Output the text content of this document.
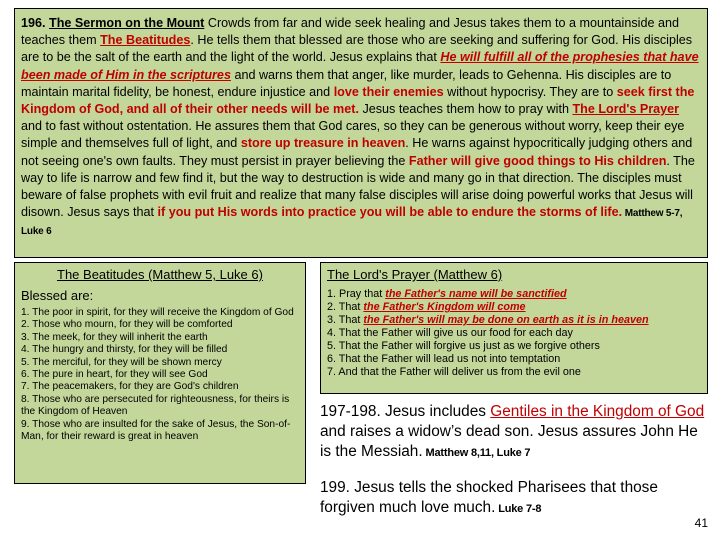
196. The Sermon on the Mount Crowds from far and wide seek healing and Jesus takes them to a mountainside and teaches them The Beatitudes. He tells them that blessed are those who are seeking and suffering for God. His disciples are to be the salt of the earth and the light of the world. Jesus explains that He will fulfill all of the prophesies that have been made of Him in the scriptures and warns them that anger, like murder, leads to Gehenna. His disciples are to maintain marital fidelity, be honest, endure injustice and love their enemies without hypocrisy. They are to seek first the Kingdom of God, and all of their other needs will be met. Jesus teaches them how to pray with The Lord's Prayer and to fast without ostentation. He assures them that God cares, so they can be generous without worry, keep their eye simple and themselves full of light, and store up treasure in heaven. He warns against hypocritically judging others and not seeing one's own faults. They must persist in prayer believing the Father will give good things to His children. The way to life is narrow and few find it, but the way to destruction is wide and many go in that direction. The disciples must beware of false prophets with evil fruit and realize that many false disciples will arise doing powerful works that Jesus will disown. Jesus says that if you put His words into practice you will be able to endure the storms of life. Matthew 5-7, Luke 6

The Beatitudes (Matthew 5, Luke 6)

Blessed are:

1. The poor in spirit, for they will receive the Kingdom of God
2. Those who mourn, for they will be comforted
3. The meek, for they will inherit the earth
4. The hungry and thirsty, for they will be filled
5. The merciful, for they will be shown mercy
6. The pure in heart, for they will see God
7. The peacemakers, for they are God's children
8. Those who are persecuted for righteousness, for theirs is the Kingdom of Heaven
9. Those who are insulted for the sake of Jesus, the Son-of-Man, for their reward is great in heaven

The Lord's Prayer (Matthew 6)

1. Pray that the Father's name will be sanctified
2. That the Father's Kingdom will come
3. That the Father's will may be done on earth as it is in heaven
4. That the Father will give us our food for each day
5. That the Father will forgive us just as we forgive others
6. That the Father will lead us not into temptation
7. And that the Father will deliver us from the evil one
197-198. Jesus includes Gentiles in the Kingdom of God and raises a widow’s dead son. Jesus assures John He is the Messiah. Matthew 8,11, Luke 7
199. Jesus tells the shocked Pharisees that those forgiven much love much. Luke 7-8
41
